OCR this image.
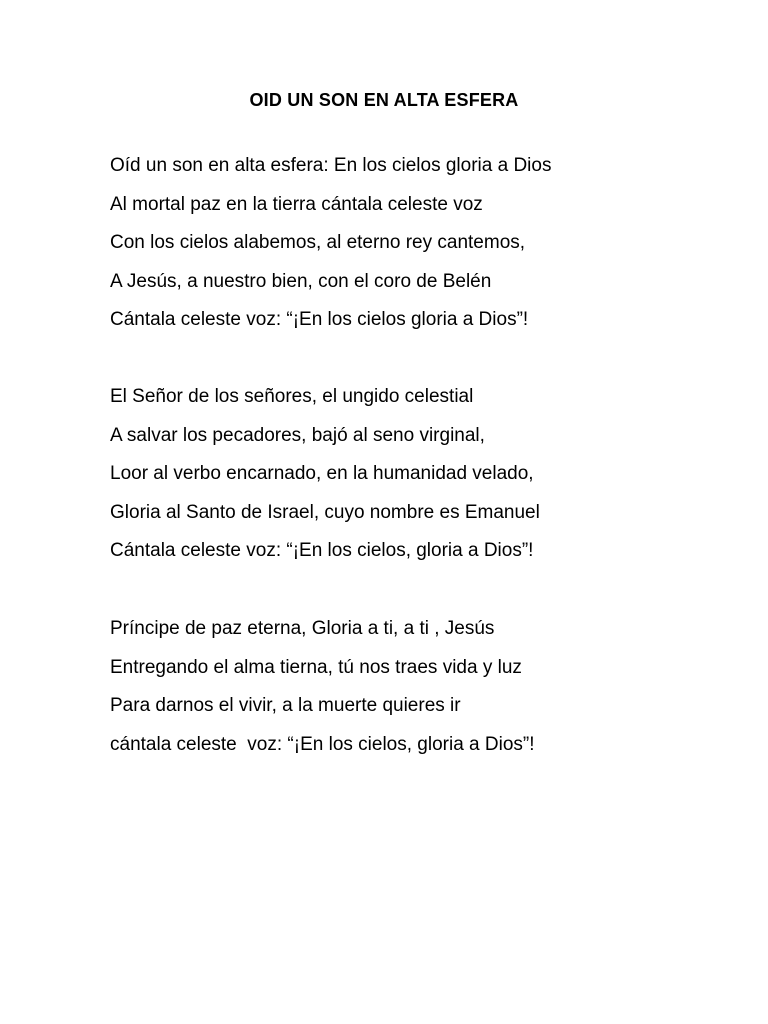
OID UN SON EN ALTA ESFERA
Oíd un son en alta esfera: En los cielos gloria a Dios
Al mortal paz en la tierra cántala celeste voz
Con los cielos alabemos, al eterno rey cantemos,
A Jesús, a nuestro bien, con el coro de Belén
Cántala celeste voz: “¡En los cielos gloria a Dios”!
El Señor de los señores, el ungido celestial
A salvar los pecadores, bajó al seno virginal,
Loor al verbo encarnado, en la humanidad velado,
Gloria al Santo de Israel, cuyo nombre es Emanuel
Cántala celeste voz: “¡En los cielos, gloria a Dios”!
Príncipe de paz eterna, Gloria a ti, a ti , Jesús
Entregando el alma tierna, tú nos traes vida y luz
Para darnos el vivir, a la muerte quieres ir
cántala celeste  voz: “¡En los cielos, gloria a Dios”!
